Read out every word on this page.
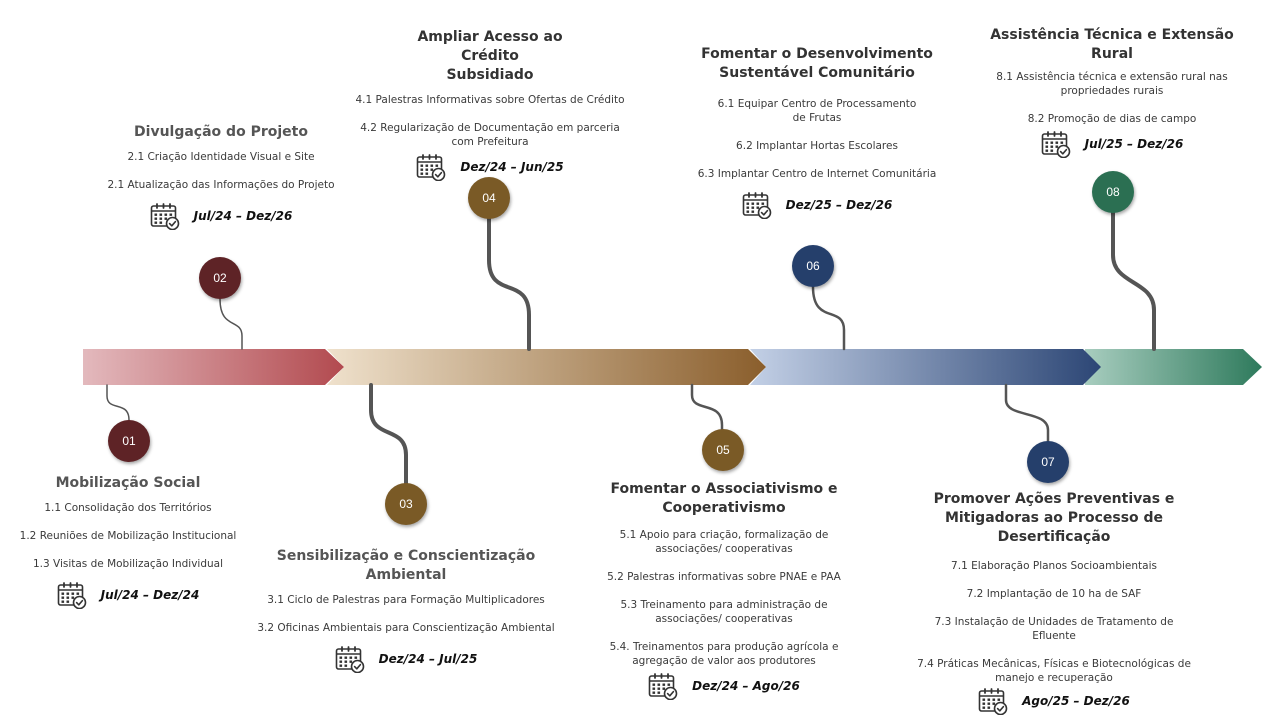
01
02
03
04
05
06
07
08
Mobilização Social
1.1 Consolidação dos Territórios
1.2 Reuniões de Mobilização Institucional
1.3 Visitas de Mobilização Individual
Jul/24 – Dez/24
Divulgação do Projeto
2.1 Criação Identidade Visual e Site
2.1 Atualização das Informações do Projeto
Jul/24 – Dez/26
Sensibilização e Conscientização Ambiental
3.1 Ciclo de Palestras para Formação Multiplicadores
3.2 Oficinas Ambientais para Conscientização Ambiental
Dez/24 – Jul/25
Ampliar Acesso ao Crédito Subsidiado
4.1 Palestras Informativas sobre Ofertas de Crédito
4.2 Regularização de Documentação em parceria com Prefeitura
Dez/24 – Jun/25
Fomentar o Associativismo e Cooperativismo
5.1 Apoio para criação, formalização de associações/ cooperativas
5.2 Palestras informativas sobre PNAE e PAA
5.3 Treinamento para administração de associações/ cooperativas
5.4. Treinamentos para produção agrícola e agregação de valor aos produtores
Dez/24 – Ago/26
Fomentar o Desenvolvimento Sustentável Comunitário
6.1 Equipar Centro de Processamento de Frutas
6.2 Implantar Hortas Escolares
6.3 Implantar Centro de Internet Comunitária
Dez/25 – Dez/26
Promover Ações Preventivas e Mitigadoras ao Processo de Desertificação
7.1 Elaboração Planos Socioambientais
7.2 Implantação de 10 ha de SAF
7.3 Instalação de Unidades de Tratamento de Efluente
7.4 Práticas Mecânicas, Físicas e Biotecnológicas de manejo e recuperação
Ago/25 – Dez/26
Assistência Técnica e Extensão Rural
8.1 Assistência técnica e extensão rural nas propriedades rurais
8.2 Promoção de dias de campo
Jul/25 – Dez/26
